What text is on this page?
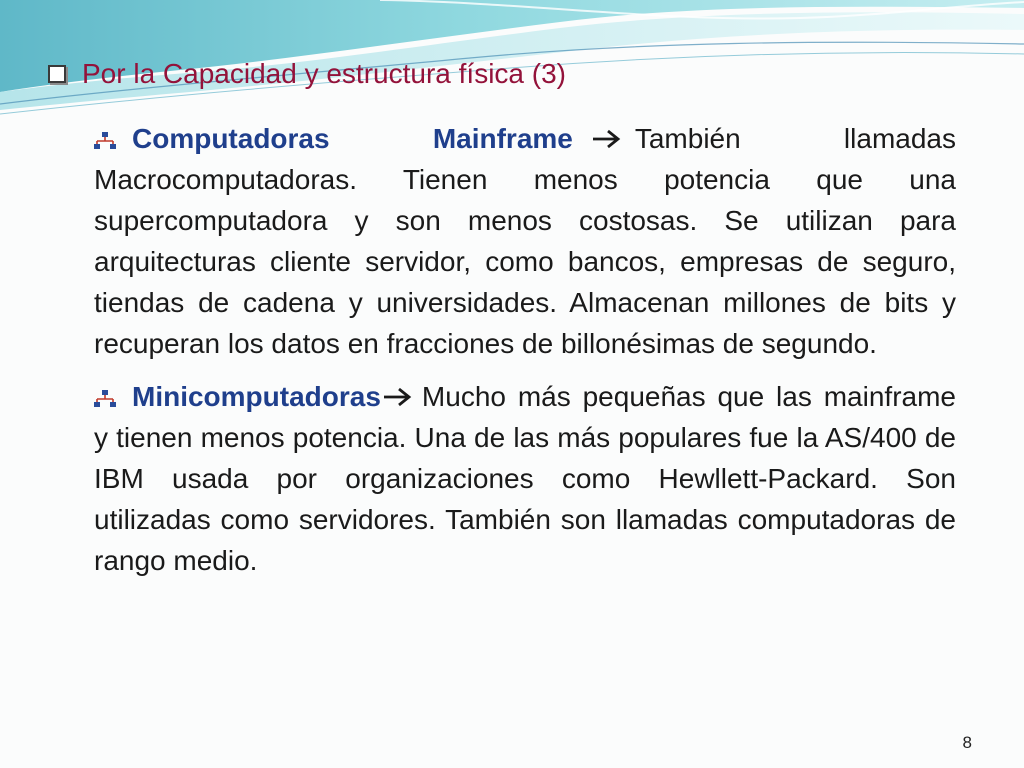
Por la Capacidad y estructura física (3)

Computadoras Mainframe También llamadas Macrocomputadoras. Tienen menos potencia que una supercomputadora y son menos costosas. Se utilizan para arquitecturas cliente servidor, como bancos, empresas de seguro, tiendas de cadena y universidades. Almacenan millones de bits y recuperan los datos en fracciones de billonésimas de segundo.

Minicomputadoras Mucho más pequeñas que las mainframe y tienen menos potencia. Una de las más populares fue la AS/400 de IBM usada por organizaciones como Hewllett-Packard. Son utilizadas como servidores. También son llamadas computadoras de rango medio.

8
